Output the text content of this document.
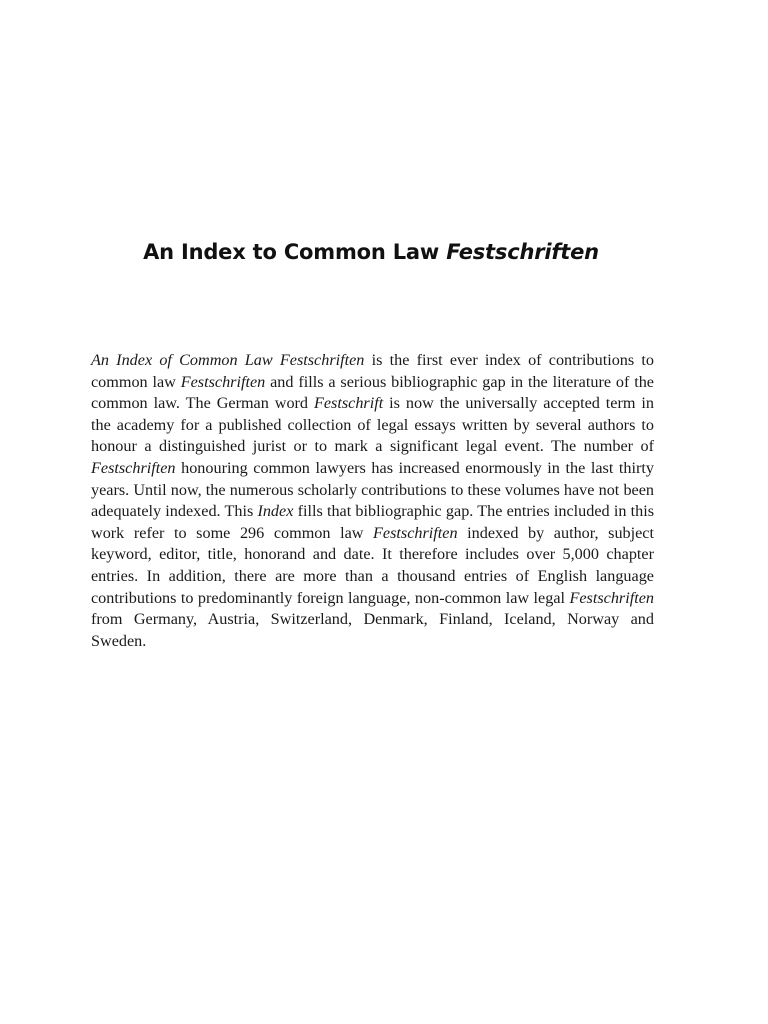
An Index to Common Law Festschriften

An Index of Common Law Festschriften is the first ever index of contributions to common law Festschriften and fills a serious bibliographic gap in the literature of the common law. The German word Festschrift is now the universally accepted term in the academy for a published collection of legal essays written by several authors to honour a distinguished jurist or to mark a significant legal event. The number of Festschriften honouring common lawyers has increased enormously in the last thirty years. Until now, the numerous scholarly contributions to these volumes have not been adequately indexed. This Index fills that bibliographic gap. The entries included in this work refer to some 296 common law Festschriften indexed by author, subject keyword, editor, title, honorand and date. It therefore includes over 5,000 chapter entries. In addition, there are more than a thousand entries of English language contributions to predominantly foreign language, non-common law legal Festschriften from Germany, Austria, Switzerland, Denmark, Finland, Iceland, Norway and Sweden.
